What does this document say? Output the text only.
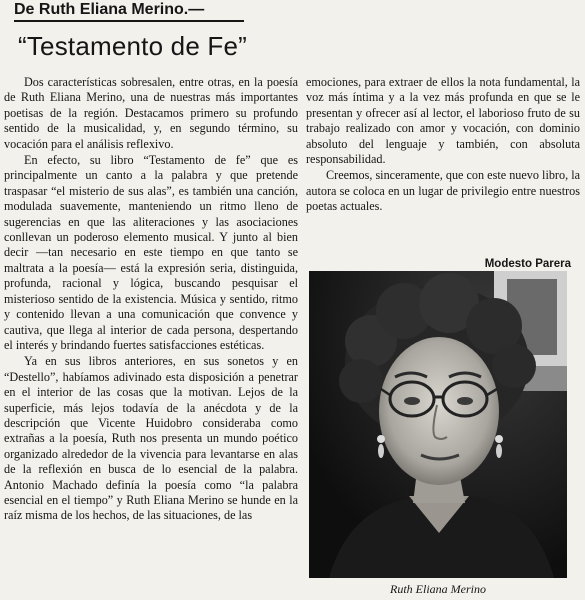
De Ruth Eliana Merino.—
“Testamento de Fe”

Dos características sobresalen, entre otras, en la poesía de Ruth Eliana Merino, una de nuestras más importantes poetisas de la región. Destacamos primero su profundo sentido de la musicalidad, y, en segundo término, su vocación para el análisis reflexivo.

En efecto, su libro “Testamento de fe” que es principalmente un canto a la palabra y que pretende traspasar “el misterio de sus alas”, es también una canción, modulada suavemente, manteniendo un ritmo lleno de sugerencias en que las aliteraciones y las asociaciones conllevan un poderoso elemento musical. Y junto al bien decir —tan necesario en este tiempo en que tanto se maltrata a la poesía— está la expresión seria, distinguida, profunda, racional y lógica, buscando pesquisar el misterioso sentido de la existencia. Música y sentido, ritmo y contenido llevan a una comunicación que convence y cautiva, que llega al interior de cada persona, despertando el interés y brindando fuertes satisfacciones estéticas.

Ya en sus libros anteriores, en sus sonetos y en “Destello”, habíamos adivinado esta disposición a penetrar en el interior de las cosas que la motivan. Lejos de la superficie, más lejos todavía de la anécdota y de la descripción que Vicente Huidobro consideraba como extrañas a la poesía, Ruth nos presenta un mundo poético organizado alrededor de la vivencia para levantarse en alas de la reflexión en busca de lo esencial de la palabra. Antonio Machado definía la poesía como “la palabra esencial en el tiempo” y Ruth Eliana Merino se hunde en la raíz misma de los hechos, de las situaciones, de las

emociones, para extraer de ellos la nota fundamental, la voz más íntima y a la vez más profunda en que se le presentan y ofrecer así al lector, el laborioso fruto de su trabajo realizado con amor y vocación, con dominio absoluto del lenguaje y también, con absoluta responsabilidad.

Creemos, sinceramente, que con este nuevo libro, la autora se coloca en un lugar de privilegio entre nuestros poetas actuales.

Modesto Parera
Ruth Eliana Merino
